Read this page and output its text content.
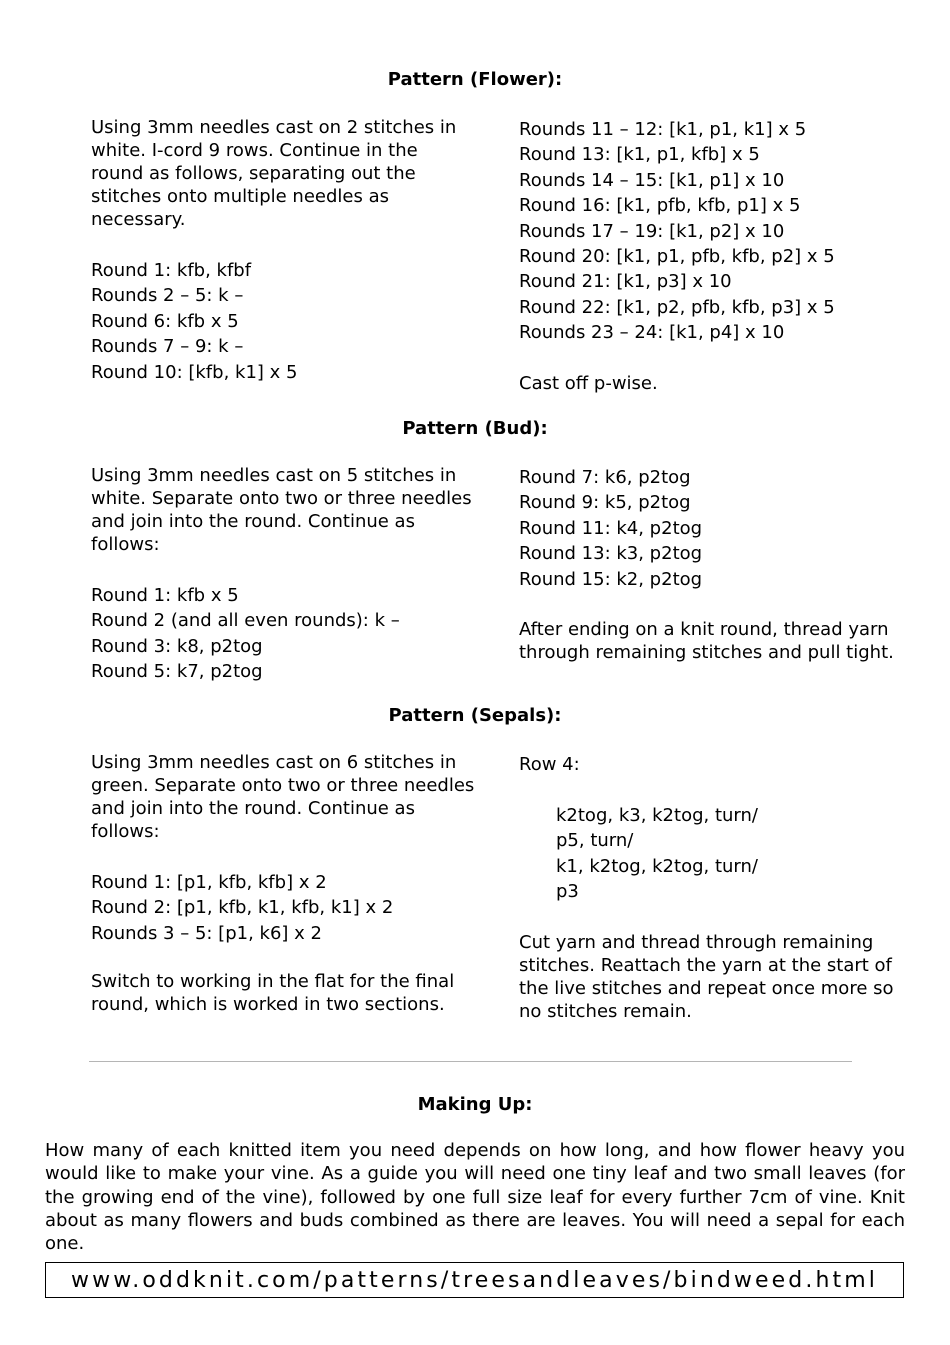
Pattern (Flower):

Using 3mm needles cast on 2 stitches in

white. I-cord 9 rows. Continue in the

round as follows, separating out the

stitches onto multiple needles as

necessary.

Round 1: kfb, kfbf

Rounds 2 – 5: k –

Round 6: kfb x 5

Rounds 7 – 9: k –

Round 10: [kfb, k1] x 5

Rounds 11 – 12: [k1, p1, k1] x 5

Round 13: [k1, p1, kfb] x 5

Rounds 14 – 15: [k1, p1] x 10

Round 16: [k1, pfb, kfb, p1] x 5

Rounds 17 – 19: [k1, p2] x 10

Round 20: [k1, p1, pfb, kfb, p2] x 5

Round 21: [k1, p3] x 10

Round 22: [k1, p2, pfb, kfb, p3] x 5

Rounds 23 – 24: [k1, p4] x 10

Cast off p-wise.

Pattern (Bud):

Using 3mm needles cast on 5 stitches in

white. Separate onto two or three needles

and join into the round. Continue as

follows:

Round 1: kfb x 5

Round 2 (and all even rounds): k –

Round 3: k8, p2tog

Round 5: k7, p2tog

Round 7: k6, p2tog

Round 9: k5, p2tog

Round 11: k4, p2tog

Round 13: k3, p2tog

Round 15: k2, p2tog

After ending on a knit round, thread yarn

through remaining stitches and pull tight.

Pattern (Sepals):

Using 3mm needles cast on 6 stitches in

green. Separate onto two or three needles

and join into the round. Continue as

follows:

Round 1: [p1, kfb, kfb] x 2

Round 2: [p1, kfb, k1, kfb, k1] x 2

Rounds 3 – 5: [p1, k6] x 2

Switch to working in the flat for the final

round, which is worked in two sections.

Row 4:

k2tog, k3, k2tog, turn/

p5, turn/

k1, k2tog, k2tog, turn/

p3

Cut yarn and thread through remaining

stitches. Reattach the yarn at the start of

the live stitches and repeat once more so

no stitches remain.

Making Up:
How many of each knitted item you need depends on how long, and how flower heavy you would like to make your vine. As a guide you will need one tiny leaf and two small leaves (for the growing end of the vine), followed by one full size leaf for every further 7cm of vine. Knit about as many flowers and buds combined as there are leaves. You will need a sepal for each one.
www.oddknit.com/patterns/treesandleaves/bindweed.html
